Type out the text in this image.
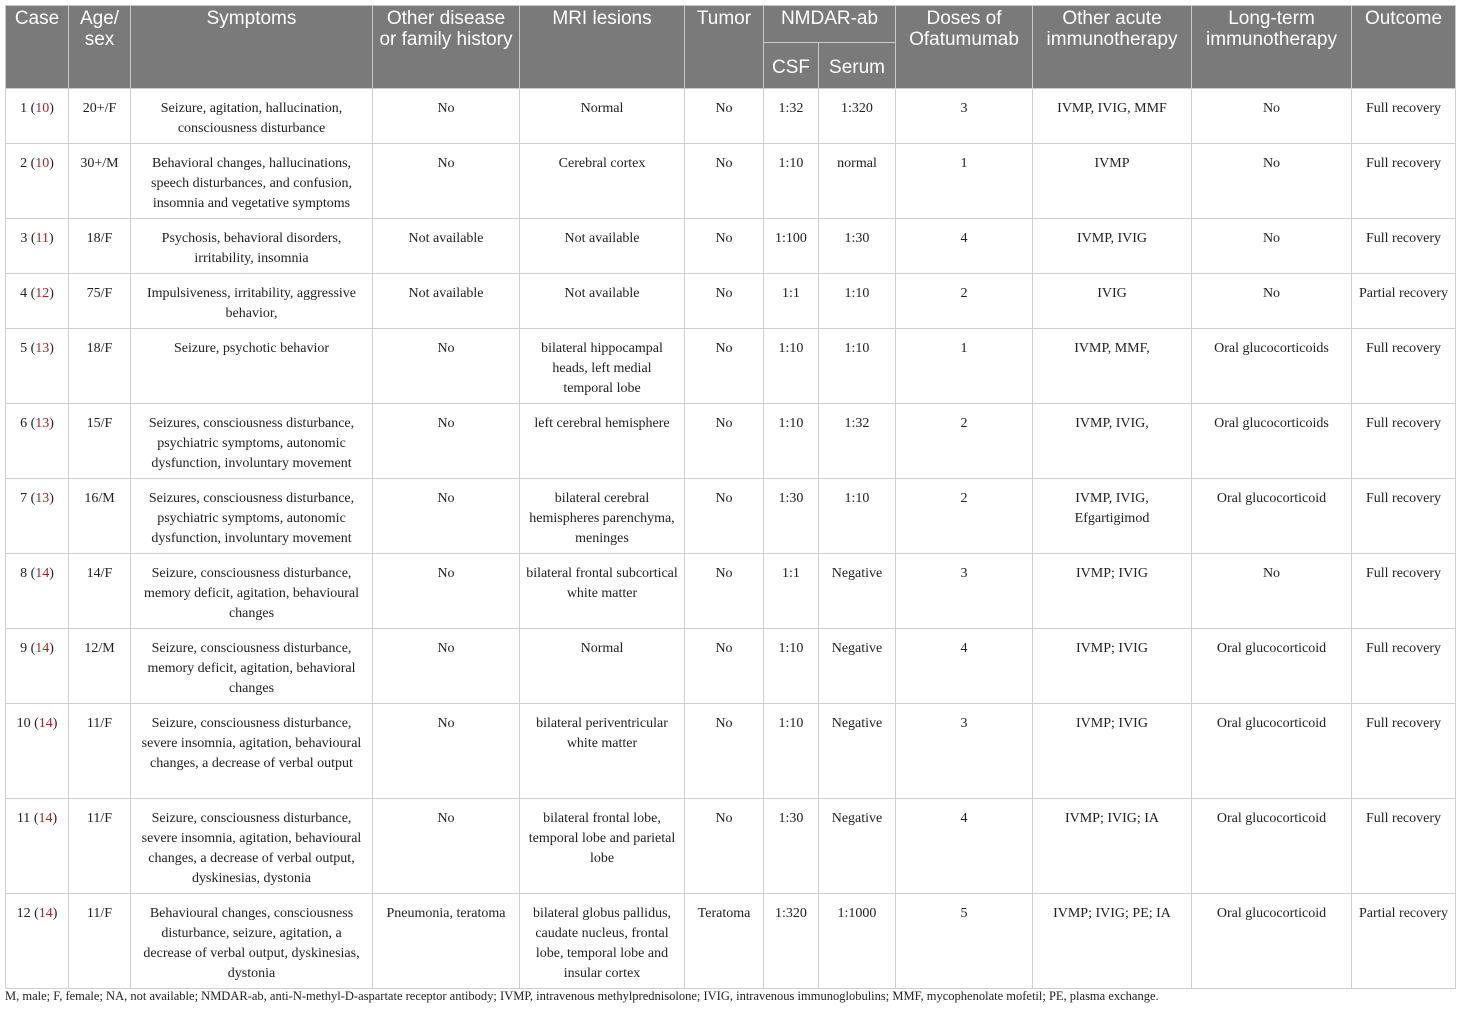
Case	Age/ sex	Symptoms	Other disease or family history	MRI lesions	Tumor	NMDAR-ab		Doses of Ofatumumab	Other acute immunotherapy	Long-term immunotherapy	Outcome
						CSF	Serum				
1 (10)	20+/F	Seizure, agitation, hallucination, consciousness disturbance	No	Normal	No	1:32	1:320	3	IVMP, IVIG, MMF	No	Full recovery
2 (10)	30+/M	Behavioral changes, hallucinations, speech disturbances, and confusion, insomnia and vegetative symptoms	No	Cerebral cortex	No	1:10	normal	1	IVMP	No	Full recovery
3 (11)	18/F	Psychosis, behavioral disorders, irritability, insomnia	Not available	Not available	No	1:100	1:30	4	IVMP, IVIG	No	Full recovery
4 (12)	75/F	Impulsiveness, irritability, aggressive behavior,	Not available	Not available	No	1:1	1:10	2	IVIG	No	Partial recovery
5 (13)	18/F	Seizure, psychotic behavior	No	bilateral hippocampal heads, left medial temporal lobe	No	1:10	1:10	1	IVMP, MMF,	Oral glucocorticoids	Full recovery
6 (13)	15/F	Seizures, consciousness disturbance, psychiatric symptoms, autonomic dysfunction, involuntary movement	No	left cerebral hemisphere	No	1:10	1:32	2	IVMP, IVIG,	Oral glucocorticoids	Full recovery
7 (13)	16/M	Seizures, consciousness disturbance, psychiatric symptoms, autonomic dysfunction, involuntary movement	No	bilateral cerebral hemispheres parenchyma, meninges	No	1:30	1:10	2	IVMP, IVIG, Efgartigimod	Oral glucocorticoid	Full recovery
8 (14)	14/F	Seizure, consciousness disturbance, memory deficit, agitation, behavioural changes	No	bilateral frontal subcortical white matter	No	1:1	Negative	3	IVMP; IVIG	No	Full recovery
9 (14)	12/M	Seizure, consciousness disturbance, memory deficit, agitation, behavioral changes	No	Normal	No	1:10	Negative	4	IVMP; IVIG	Oral glucocorticoid	Full recovery
10 (14)	11/F	Seizure, consciousness disturbance, severe insomnia, agitation, behavioural changes, a decrease of verbal output	No	bilateral periventricular white matter	No	1:10	Negative	3	IVMP; IVIG	Oral glucocorticoid	Full recovery
11 (14)	11/F	Seizure, consciousness disturbance, severe insomnia, agitation, behavioural changes, a decrease of verbal output, dyskinesias, dystonia	No	bilateral frontal lobe, temporal lobe and parietal lobe	No	1:30	Negative	4	IVMP; IVIG; IA	Oral glucocorticoid	Full recovery
12 (14)	11/F	Behavioural changes, consciousness disturbance, seizure, agitation, a decrease of verbal output, dyskinesias, dystonia	Pneumonia, teratoma	bilateral globus pallidus, caudate nucleus, frontal lobe, temporal lobe and insular cortex	Teratoma	1:320	1:1000	5	IVMP; IVIG; PE; IA	Oral glucocorticoid	Partial recovery
M, male; F, female; NA, not available; NMDAR-ab, anti-N-methyl-D-aspartate receptor antibody; IVMP, intravenous methylprednisolone; IVIG, intravenous immunoglobulins; MMF, mycophenolate mofetil; PE, plasma exchange.
